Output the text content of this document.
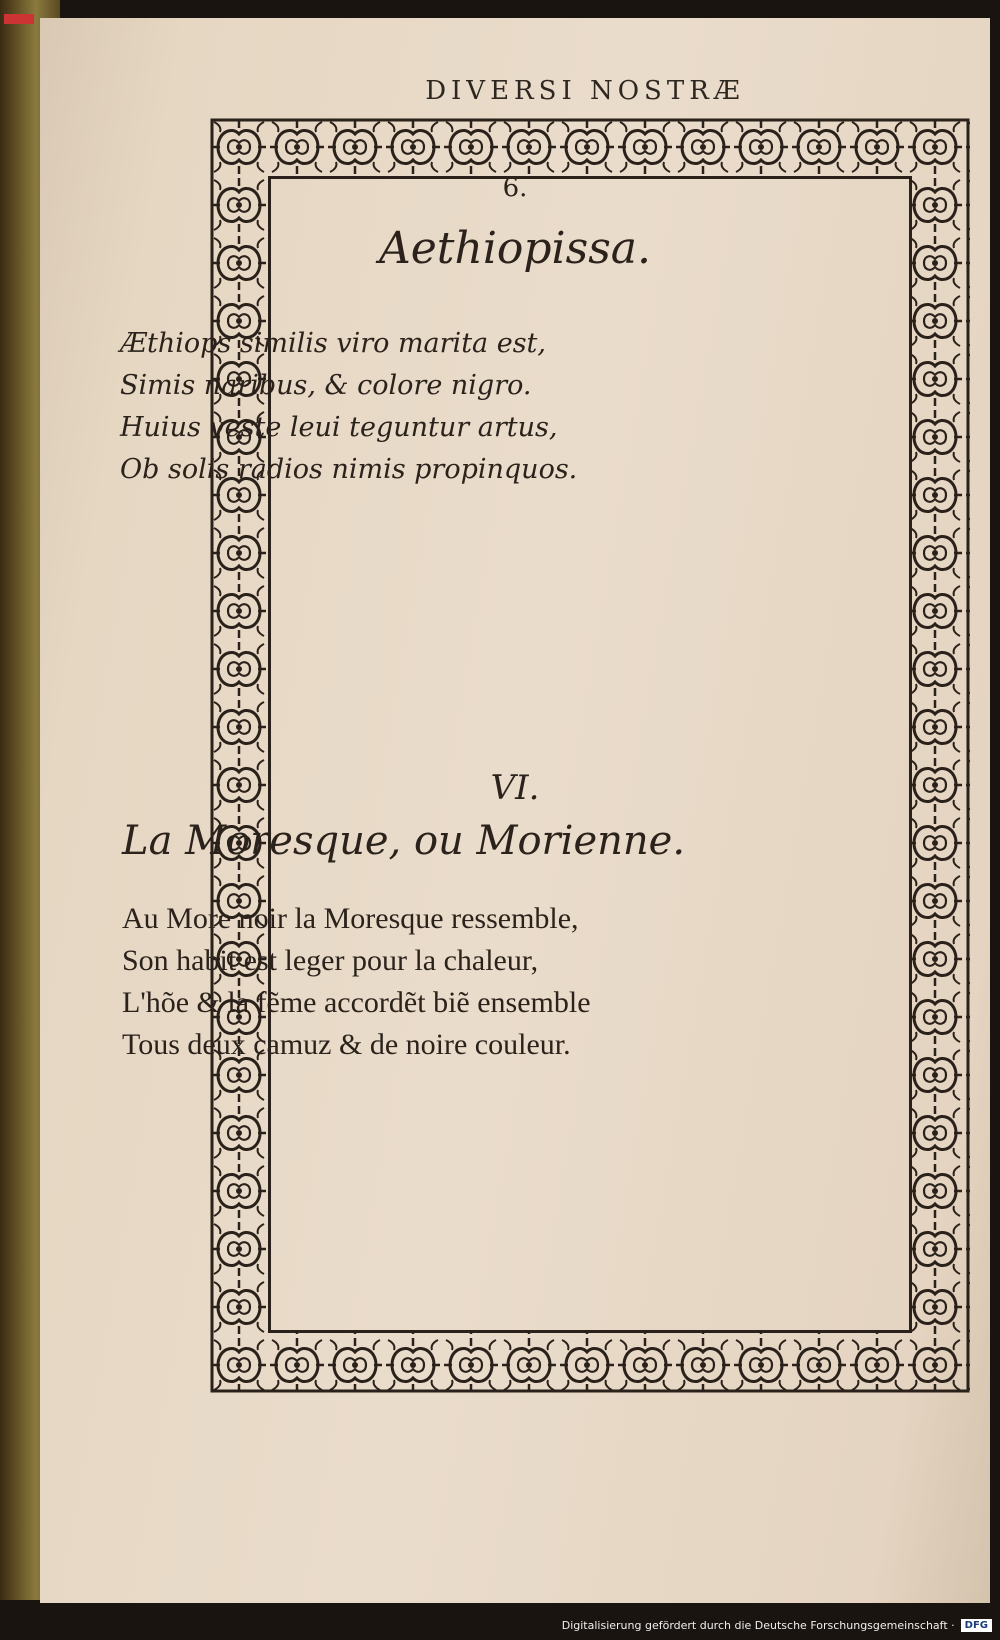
DIVERSI NOSTRÆ
6.
Aethiopissa.
Æthiops similis viro marita est,
Simis naribus, & colore nigro.
Huius veste leui teguntur artus,
Ob solis radios nimis propinquos.
VI.
La Moresque, ou Morienne.
Au More noir la Moresque ressemble,
Son habit est leger pour la chaleur,
L'hõe & la fẽme accordẽt biẽ ensemble
Tous deux camuz & de noire couleur.
Digitalisierung gefördert durch die Deutsche Forschungsgemeinschaft ·	DFG
